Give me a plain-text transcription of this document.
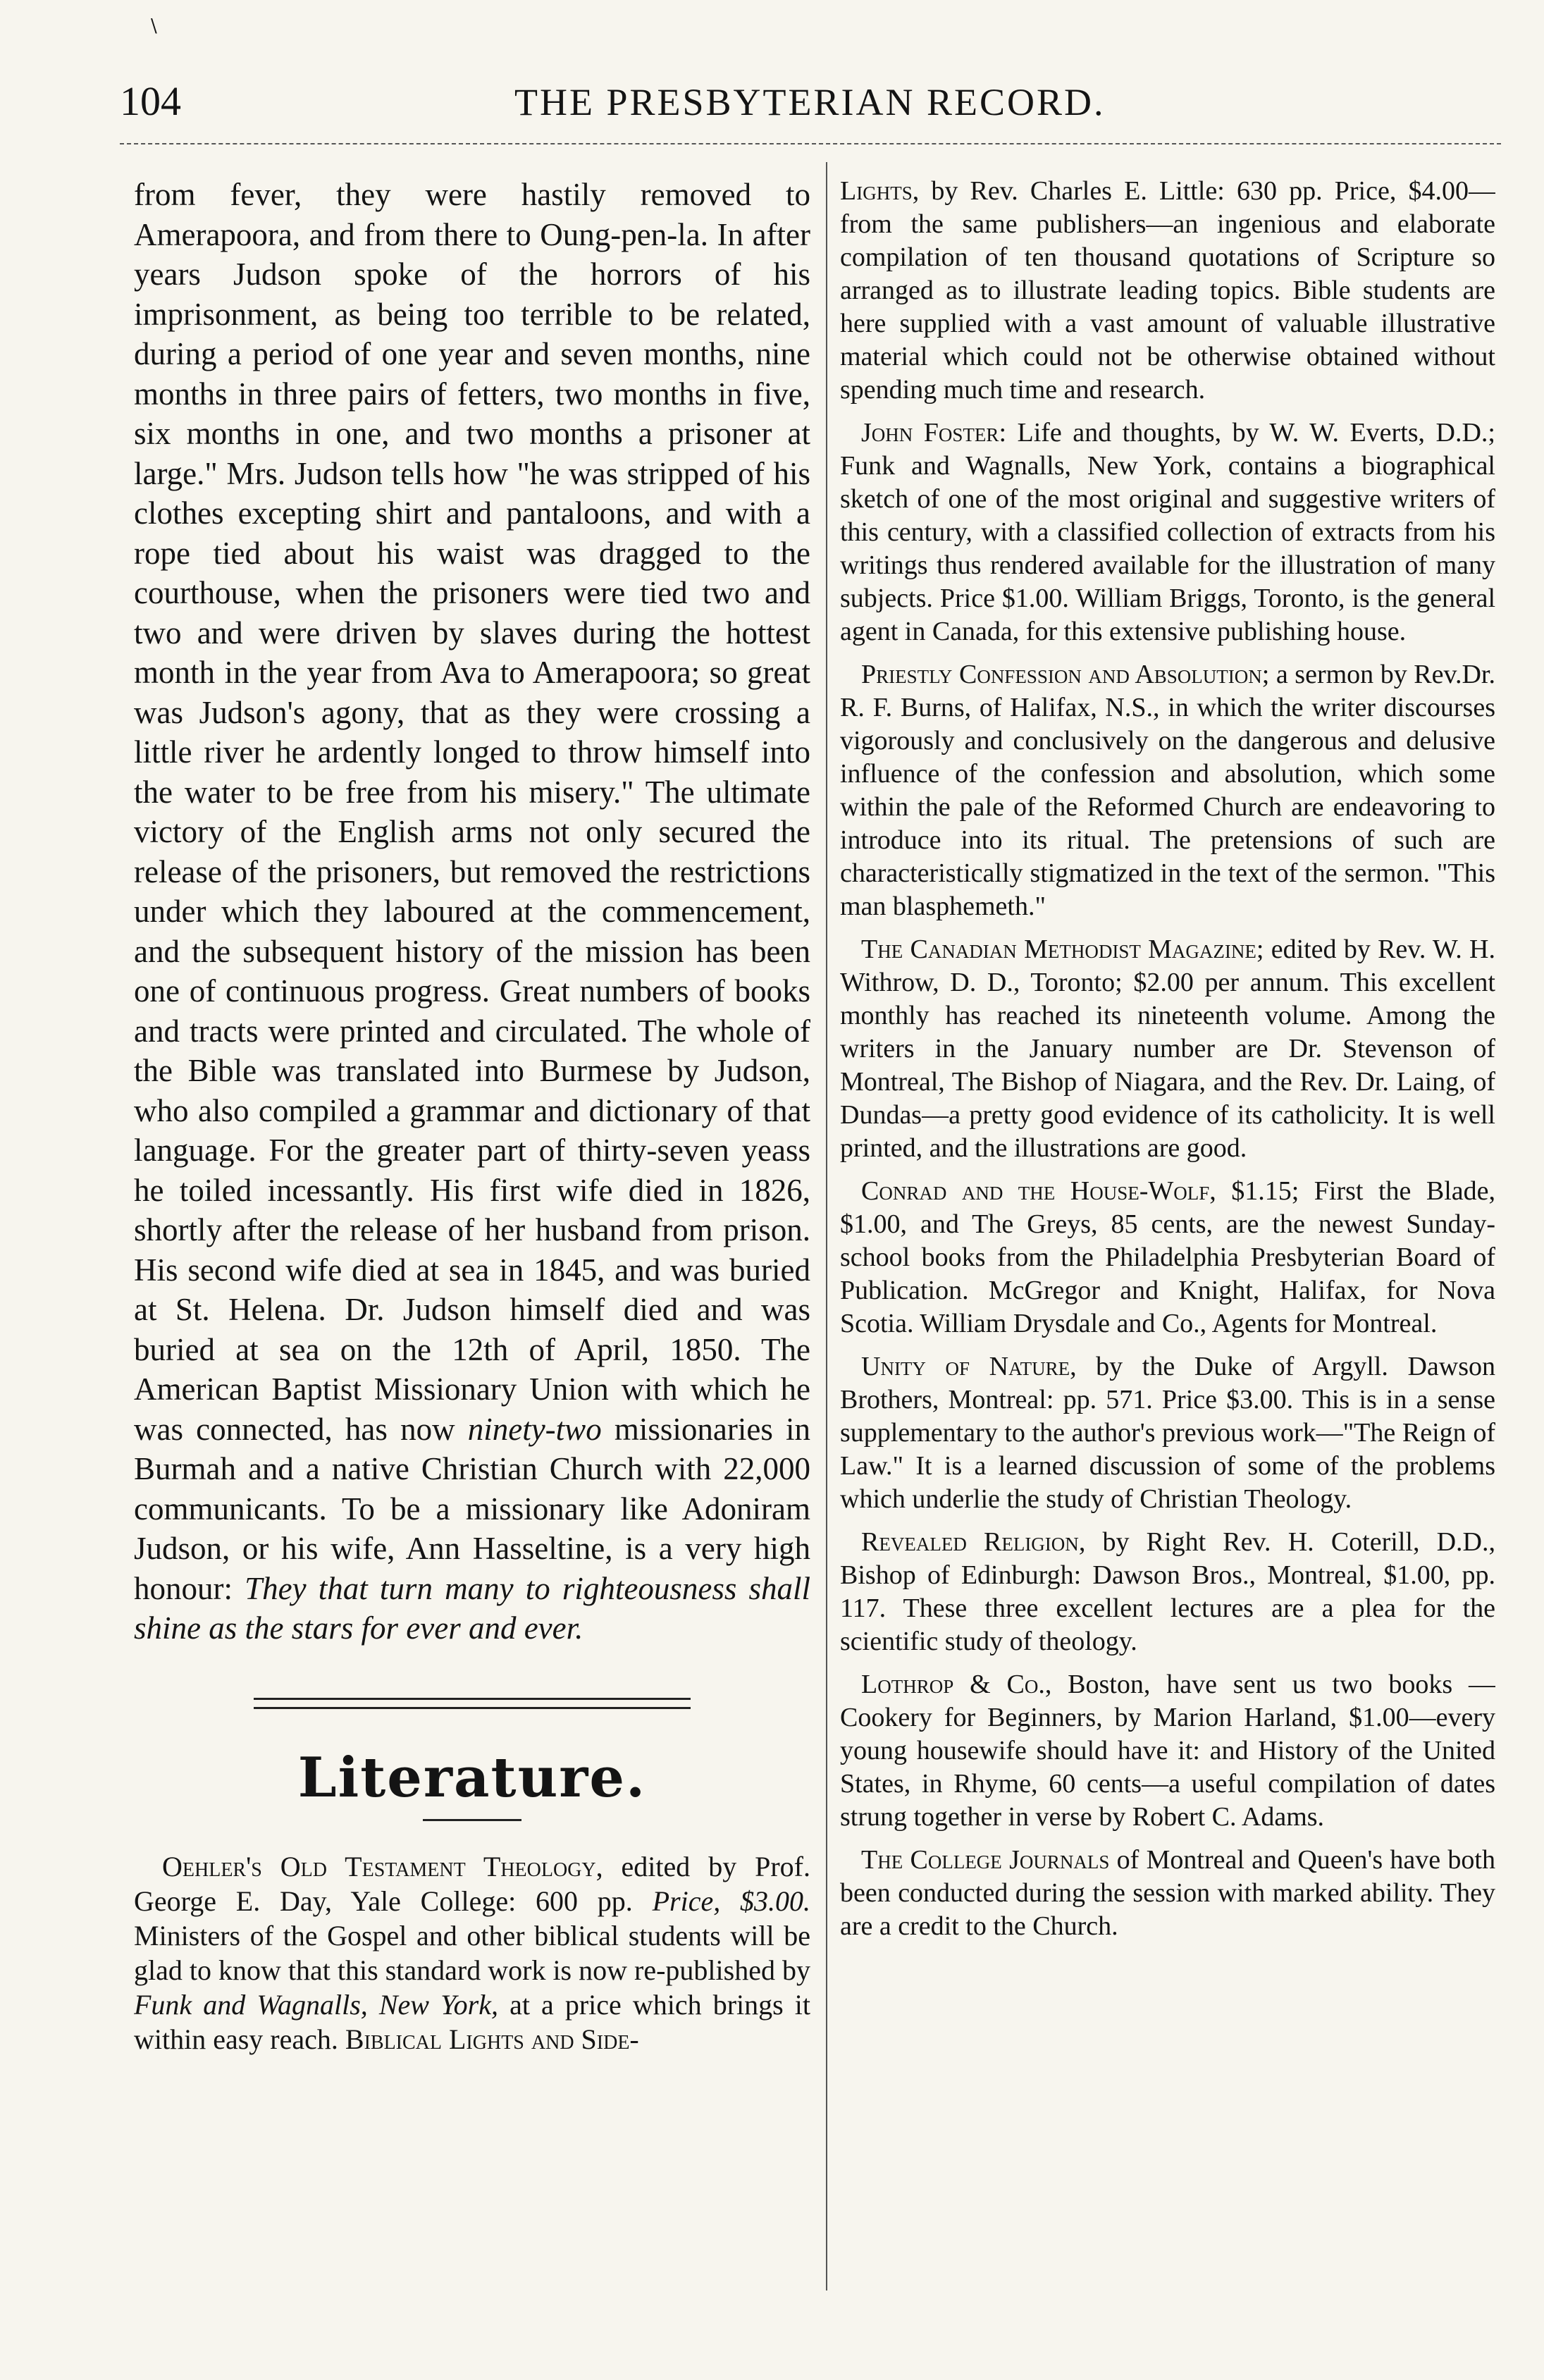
\
104	THE PRESBYTERIAN RECORD.

from fever, they were hastily removed to Amerapoora, and from there to Oung-pen-la. In after years Judson spoke of the horrors of his imprisonment, as being too terrible to be related, during a period of one year and seven months, nine months in three pairs of fetters, two months in five, six months in one, and two months a prisoner at large." Mrs. Judson tells how "he was stripped of his clothes excepting shirt and pantaloons, and with a rope tied about his waist was dragged to the courthouse, when the prisoners were tied two and two and were driven by slaves during the hottest month in the year from Ava to Amerapoora; so great was Judson's agony, that as they were crossing a little river he ardently longed to throw himself into the water to be free from his misery." The ultimate victory of the English arms not only secured the release of the prisoners, but removed the restrictions under which they laboured at the commencement, and the subsequent history of the mission has been one of continuous progress. Great numbers of books and tracts were printed and circulated. The whole of the Bible was translated into Burmese by Judson, who also compiled a grammar and dictionary of that language. For the greater part of thirty-seven yeass he toiled incessantly. His first wife died in 1826, shortly after the release of her husband from prison. His second wife died at sea in 1845, and was buried at St. Helena. Dr. Judson himself died and was buried at sea on the 12th of April, 1850. The American Baptist Missionary Union with which he was connected, has now ninety-two missionaries in Burmah and a native Christian Church with 22,000 communicants. To be a missionary like Adoniram Judson, or his wife, Ann Hasseltine, is a very high honour: They that turn many to righteousness shall shine as the stars for ever and ever.

Literature.

Oehler's Old Testament Theology, edited by Prof. George E. Day, Yale College: 600 pp. Price, $3.00. Ministers of the Gospel and other biblical students will be glad to know that this standard work is now re-published by Funk and Wagnalls, New York, at a price which brings it within easy reach. Biblical Lights and Side-

Lights, by Rev. Charles E. Little: 630 pp. Price, $4.00—from the same publishers—an ingenious and elaborate compilation of ten thousand quotations of Scripture so arranged as to illustrate leading topics. Bible students are here supplied with a vast amount of valuable illustrative material which could not be otherwise obtained without spending much time and research.

John Foster: Life and thoughts, by W. W. Everts, D.D.; Funk and Wagnalls, New York, contains a biographical sketch of one of the most original and suggestive writers of this century, with a classified collection of extracts from his writings thus rendered available for the illustration of many subjects. Price $1.00. William Briggs, Toronto, is the general agent in Canada, for this extensive publishing house.

Priestly Confession and Absolution; a sermon by Rev.Dr. R. F. Burns, of Halifax, N.S., in which the writer discourses vigorously and conclusively on the dangerous and delusive influence of the confession and absolution, which some within the pale of the Reformed Church are endeavoring to introduce into its ritual. The pretensions of such are characteristically stigmatized in the text of the sermon. "This man blasphemeth."

The Canadian Methodist Magazine; edited by Rev. W. H. Withrow, D. D., Toronto; $2.00 per annum. This excellent monthly has reached its nineteenth volume. Among the writers in the January number are Dr. Stevenson of Montreal, The Bishop of Niagara, and the Rev. Dr. Laing, of Dundas—a pretty good evidence of its catholicity. It is well printed, and the illustrations are good.

Conrad and the House-Wolf, $1.15; First the Blade, $1.00, and The Greys, 85 cents, are the newest Sunday-school books from the Philadelphia Presbyterian Board of Publication. McGregor and Knight, Halifax, for Nova Scotia. William Drysdale and Co., Agents for Montreal.

Unity of Nature, by the Duke of Argyll. Dawson Brothers, Montreal: pp. 571. Price $3.00. This is in a sense supplementary to the author's previous work—"The Reign of Law." It is a learned discussion of some of the problems which underlie the study of Christian Theology.

Revealed Religion, by Right Rev. H. Coterill, D.D., Bishop of Edinburgh: Dawson Bros., Montreal, $1.00, pp. 117. These three excellent lectures are a plea for the scientific study of theology.

Lothrop & Co., Boston, have sent us two books —Cookery for Beginners, by Marion Harland, $1.00—every young housewife should have it: and History of the United States, in Rhyme, 60 cents—a useful compilation of dates strung together in verse by Robert C. Adams.

The College Journals of Montreal and Queen's have both been conducted during the session with marked ability. They are a credit to the Church.
